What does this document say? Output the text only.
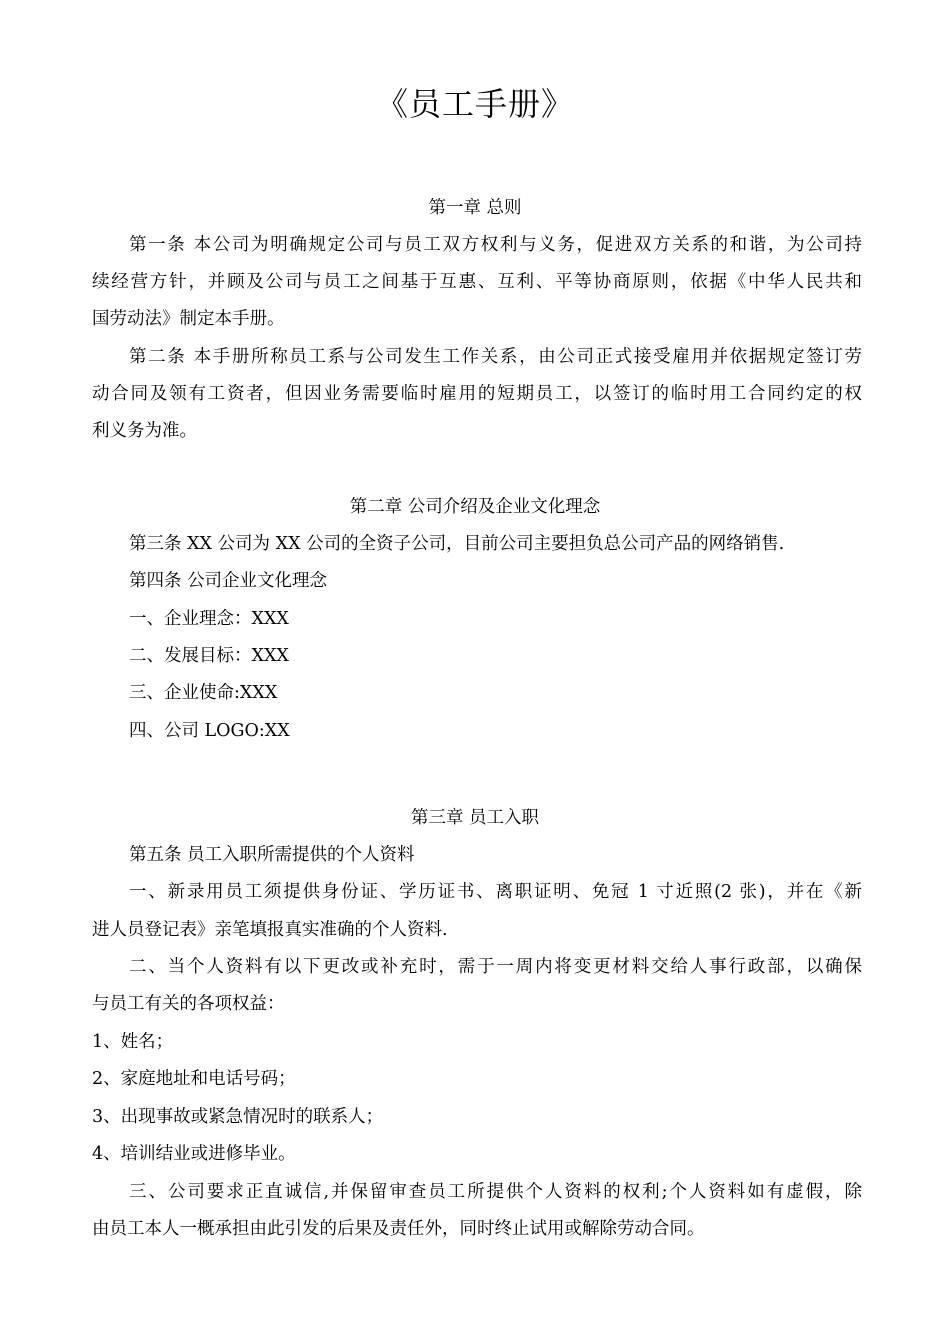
《员工手册》
第一章 总则
第一条 本公司为明确规定公司与员工双方权利与义务，促进双方关系的和谐，为公司持
续经营方针，并顾及公司与员工之间基于互惠、互利、平等协商原则，依据《中华人民共和
国劳动法》制定本手册。
第二条 本手册所称员工系与公司发生工作关系，由公司正式接受雇用并依据规定签订劳
动合同及领有工资者，但因业务需要临时雇用的短期员工，以签订的临时用工合同约定的权
利义务为准。
第二章 公司介绍及企业文化理念
第三条 XX 公司为 XX 公司的全资子公司，目前公司主要担负总公司产品的网络销售.
第四条 公司企业文化理念
一、企业理念：XXX
二、发展目标：XXX
三、企业使命:XXX
四、公司 LOGO:XX
第三章 员工入职
第五条 员工入职所需提供的个人资料
一、新录用员工须提供身份证、学历证书、离职证明、免冠 1 寸近照(2 张)，并在《新
进人员登记表》亲笔填报真实准确的个人资料.
二、当个人资料有以下更改或补充时，需于一周内将变更材料交给人事行政部，以确保
与员工有关的各项权益：
1、姓名；
2、家庭地址和电话号码；
3、出现事故或紧急情况时的联系人；
4、培训结业或进修毕业。
三、公司要求正直诚信,并保留审查员工所提供个人资料的权利;个人资料如有虚假，除
由员工本人一概承担由此引发的后果及责任外，同时终止试用或解除劳动合同。
